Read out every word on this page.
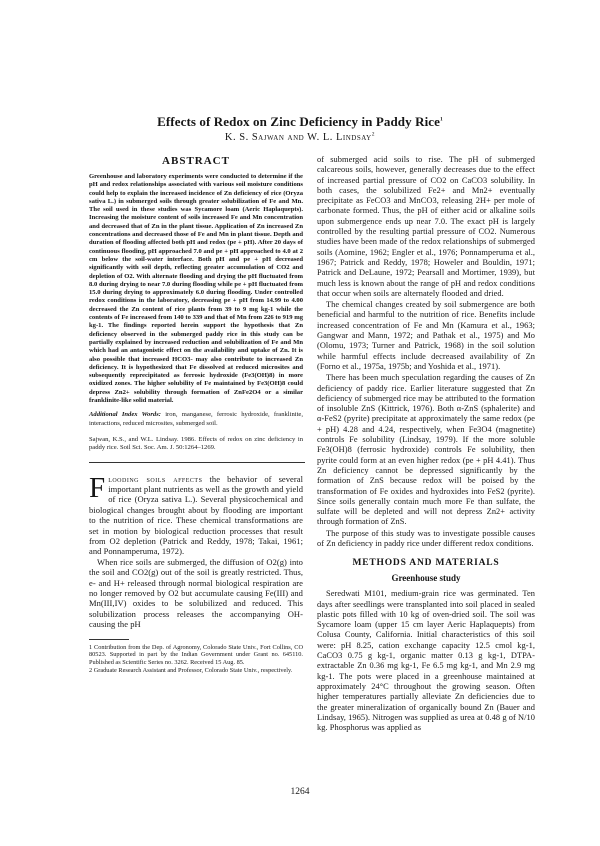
Effects of Redox on Zinc Deficiency in Paddy Rice$^1$
K. S. Sajwan and W. L. Lindsay$^2$
ABSTRACT

Greenhouse and laboratory experiments were conducted to determine if the pH and redox relationships associated with various soil moisture conditions could help to explain the increased incidence of Zn deficiency of rice (Oryza sativa L.) in submerged soils through greater solubilization of Fe and Mn. The soil used in these studies was Sycamore loam (Aeric Haplaquepts). Increasing the moisture content of soils increased Fe and Mn concentration and decreased that of Zn in the plant tissue. Application of Zn increased Zn concentrations and decreased those of Fe and Mn in plant tissue. Depth and duration of flooding affected both pH and redox (pe + pH). After 20 days of continuous flooding, pH approached 7.0 and pe + pH approached to 4.0 at 2 cm below the soil-water interface. Both pH and pe + pH decreased significantly with soil depth, reflecting greater accumulation of CO2 and depletion of O2. With alternate flooding and drying the pH fluctuated from 8.0 during drying to near 7.0 during flooding while pe + pH fluctuated from 15.0 during drying to approximately 6.0 during flooding. Under controlled redox conditions in the laboratory, decreasing pe + pH from 14.99 to 4.00 decreased the Zn content of rice plants from 39 to 9 mg kg-1 while the contents of Fe increased from 140 to 339 and that of Mn from 226 to 919 mg kg-1. The findings reported herein support the hypothesis that Zn deficiency observed in the submerged paddy rice in this study can be partially explained by increased reduction and solubilization of Fe and Mn which had an antagonistic effect on the availability and uptake of Zn. It is also possible that increased HCO3- may also contribute to increased Zn deficiency. It is hypothesized that Fe dissolved at reduced microsites and subsequently reprecipitated as ferrosic hydroxide (Fe3(OH)8) in more oxidized zones. The higher solubility of Fe maintained by Fe3(OH)8 could depress Zn2+ solubility through formation of ZnFe2O4 or a similar franklinite-like solid material.

Additional Index Words: iron, manganese, ferrosic hydroxide, franklinite, interactions, reduced microsites, submerged soil.

Sajwan, K.S., and W.L. Lindsay. 1986. Effects of redox on zinc deficiency in paddy rice. Soil Sci. Soc. Am. J. 50:1264–1269.

Flooding soils affects the behavior of several important plant nutrients as well as the growth and yield of rice (Oryza sativa L.). Several physicochemical and biological changes brought about by flooding are important to the nutrition of rice. These chemical transformations are set in motion by biological reduction processes that result from O2 depletion (Patrick and Reddy, 1978; Takai, 1961; and Ponnamperuma, 1972).

When rice soils are submerged, the diffusion of O2(g) into the soil and CO2(g) out of the soil is greatly restricted. Thus, e- and H+ released through normal biological respiration are no longer removed by O2 but accumulate causing Fe(III) and Mn(III,IV) oxides to be solubilized and reduced. This solubilization process releases the accompanying OH- causing the pH

1 Contribution from the Dep. of Agronomy, Colorado State Univ., Fort Collins, CO 80523. Supported in part by the Indian Government under Grant no. 645110. Published as Scientific Series no. 3262. Received 15 Aug. 85.

2 Graduate Research Assistant and Professor, Colorado State Univ., respectively.

of submerged acid soils to rise. The pH of submerged calcareous soils, however, generally decreases due to the effect of increased partial pressure of CO2 on CaCO3 solubility. In both cases, the solubilized Fe2+ and Mn2+ eventually precipitate as FeCO3 and MnCO3, releasing 2H+ per mole of carbonate formed. Thus, the pH of either acid or alkaline soils upon submergence ends up near 7.0. The exact pH is largely controlled by the resulting partial pressure of CO2. Numerous studies have been made of the redox relationships of submerged soils (Aomine, 1962; Engler et al., 1976; Ponnamperuma et al., 1967; Patrick and Reddy, 1978; Howeler and Bouldin, 1971; Patrick and DeLaune, 1972; Pearsall and Mortimer, 1939), but much less is known about the range of pH and redox conditions that occur when soils are alternately flooded and dried.

The chemical changes created by soil submergence are both beneficial and harmful to the nutrition of rice. Benefits include increased concentration of Fe and Mn (Kamura et al., 1963; Gangwar and Mann, 1972; and Pathak et al., 1975) and Mo (Olomu, 1973; Turner and Patrick, 1968) in the soil solution while harmful effects include decreased availability of Zn (Forno et al., 1975a, 1975b; and Yoshida et al., 1971).

There has been much speculation regarding the causes of Zn deficiency of paddy rice. Earlier literature suggested that Zn deficiency of submerged rice may be attributed to the formation of insoluble ZnS (Kittrick, 1976). Both α-ZnS (sphalerite) and α-FeS2 (pyrite) precipitate at approximately the same redox (pe + pH) 4.28 and 4.24, respectively, when Fe3O4 (magnetite) controls Fe solubility (Lindsay, 1979). If the more soluble Fe3(OH)8 (ferrosic hydroxide) controls Fe solubility, then pyrite could form at an even higher redox (pe + pH 4.41). Thus Zn deficiency cannot be depressed significantly by the formation of ZnS because redox will be poised by the transformation of Fe oxides and hydroxides into FeS2 (pyrite). Since soils generally contain much more Fe than sulfate, the sulfate will be depleted and will not depress Zn2+ activity through formation of ZnS.

The purpose of this study was to investigate possible causes of Zn deficiency in paddy rice under different redox conditions.

METHODS AND MATERIALS
Greenhouse study

Seredwati M101, medium-grain rice was germinated. Ten days after seedlings were transplanted into soil placed in sealed plastic pots filled with 10 kg of oven-dried soil. The soil was Sycamore loam (upper 15 cm layer Aeric Haplaquepts) from Colusa County, California. Initial characteristics of this soil were: pH 8.25, cation exchange capacity 12.5 cmol kg-1, CaCO3 0.75 g kg-1, organic matter 0.13 g kg-1, DTPA-extractable Zn 0.36 mg kg-1, Fe 6.5 mg kg-1, and Mn 2.9 mg kg-1. The pots were placed in a greenhouse maintained at approximately 24°C throughout the growing season. Often higher temperatures partially alleviate Zn deficiencies due to the greater mineralization of organically bound Zn (Bauer and Lindsay, 1965). Nitrogen was supplied as urea at 0.48 g of N/10 kg. Phosphorus was applied as

1264
